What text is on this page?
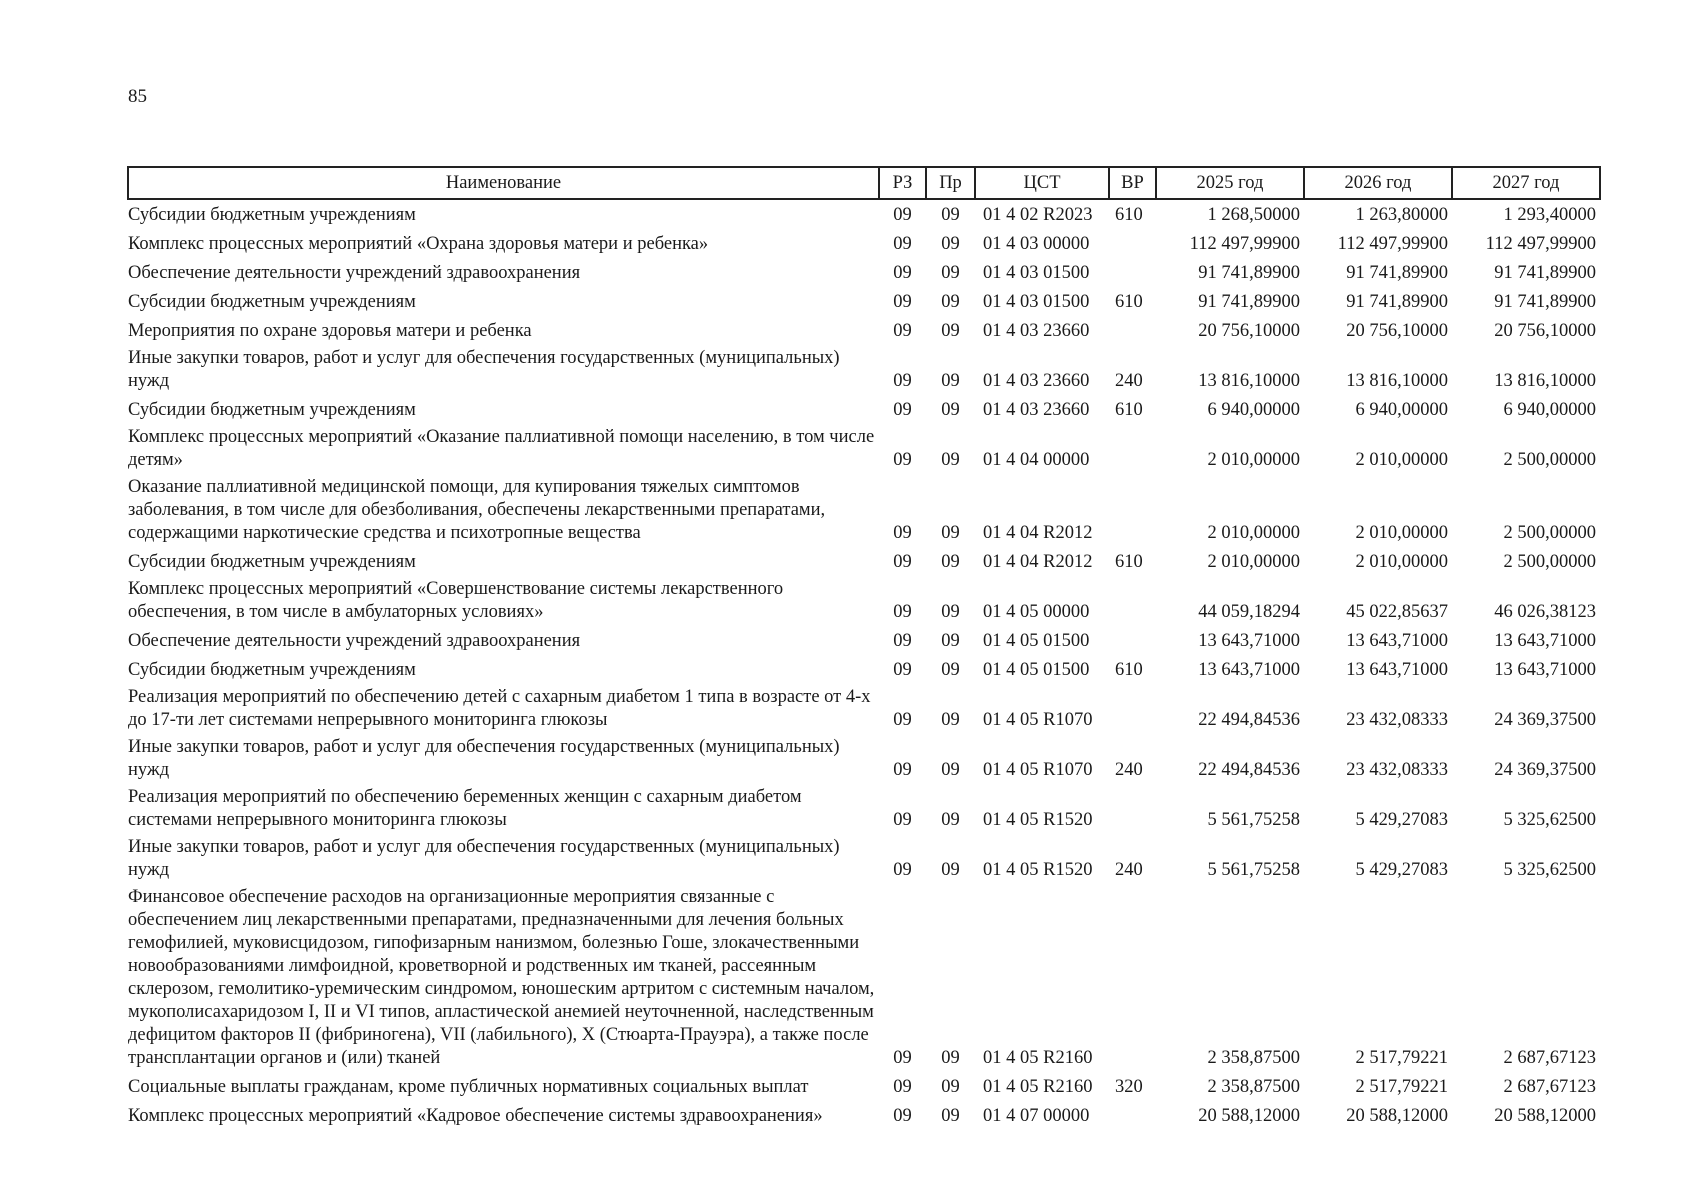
85
Наименование	РЗ	Пр	ЦСТ	ВР	2025 год	2026 год	2027 год
Субсидии бюджетным учреждениям	09	09	01 4 02 R2023	610	1 268,50000	1 263,80000	1 293,40000
Комплекс процессных мероприятий «Охрана здоровья матери и ребенка»	09	09	01 4 03 00000		112 497,99900	112 497,99900	112 497,99900
Обеспечение деятельности учреждений здравоохранения	09	09	01 4 03 01500		91 741,89900	91 741,89900	91 741,89900
Субсидии бюджетным учреждениям	09	09	01 4 03 01500	610	91 741,89900	91 741,89900	91 741,89900
Мероприятия по охране здоровья матери и ребенка	09	09	01 4 03 23660		20 756,10000	20 756,10000	20 756,10000
Иные закупки товаров, работ и услуг для обеспечения государственных (муниципальных) нужд	09	09	01 4 03 23660	240	13 816,10000	13 816,10000	13 816,10000
Субсидии бюджетным учреждениям	09	09	01 4 03 23660	610	6 940,00000	6 940,00000	6 940,00000
Комплекс процессных мероприятий «Оказание паллиативной помощи населению, в том числе детям»	09	09	01 4 04 00000		2 010,00000	2 010,00000	2 500,00000
Оказание паллиативной медицинской помощи, для купирования тяжелых симптомов заболевания, в том числе для обезболивания, обеспечены лекарственными препаратами, содержащими наркотические средства и психотропные вещества	09	09	01 4 04 R2012		2 010,00000	2 010,00000	2 500,00000
Субсидии бюджетным учреждениям	09	09	01 4 04 R2012	610	2 010,00000	2 010,00000	2 500,00000
Комплекс процессных мероприятий «Совершенствование системы лекарственного обеспечения, в том числе в амбулаторных условиях»	09	09	01 4 05 00000		44 059,18294	45 022,85637	46 026,38123
Обеспечение деятельности учреждений здравоохранения	09	09	01 4 05 01500		13 643,71000	13 643,71000	13 643,71000
Субсидии бюджетным учреждениям	09	09	01 4 05 01500	610	13 643,71000	13 643,71000	13 643,71000
Реализация мероприятий по обеспечению детей с сахарным диабетом 1 типа в возрасте от 4-х до 17-ти лет системами непрерывного мониторинга глюкозы	09	09	01 4 05 R1070		22 494,84536	23 432,08333	24 369,37500
Иные закупки товаров, работ и услуг для обеспечения государственных (муниципальных) нужд	09	09	01 4 05 R1070	240	22 494,84536	23 432,08333	24 369,37500
Реализация мероприятий по обеспечению беременных женщин с сахарным диабетом системами непрерывного мониторинга глюкозы	09	09	01 4 05 R1520		5 561,75258	5 429,27083	5 325,62500
Иные закупки товаров, работ и услуг для обеспечения государственных (муниципальных) нужд	09	09	01 4 05 R1520	240	5 561,75258	5 429,27083	5 325,62500
Финансовое обеспечение расходов на организационные мероприятия связанные с обеспечением лиц лекарственными препаратами, предназначенными для лечения больных гемофилией, муковисцидозом, гипофизарным нанизмом, болезнью Гоше, злокачественными новообразованиями лимфоидной, кроветворной и родственных им тканей, рассеянным склерозом, гемолитико-уремическим синдромом, юношеским артритом с системным началом, мукополисахаридозом I, II и VI типов, апластической анемией неуточненной, наследственным дефицитом факторов II (фибриногена), VII (лабильного), X (Стюарта-Прауэра), а также после трансплантации органов и (или) тканей	09	09	01 4 05 R2160		2 358,87500	2 517,79221	2 687,67123
Социальные выплаты гражданам, кроме публичных нормативных социальных выплат	09	09	01 4 05 R2160	320	2 358,87500	2 517,79221	2 687,67123
Комплекс процессных мероприятий «Кадровое обеспечение системы здравоохранения»	09	09	01 4 07 00000		20 588,12000	20 588,12000	20 588,12000
